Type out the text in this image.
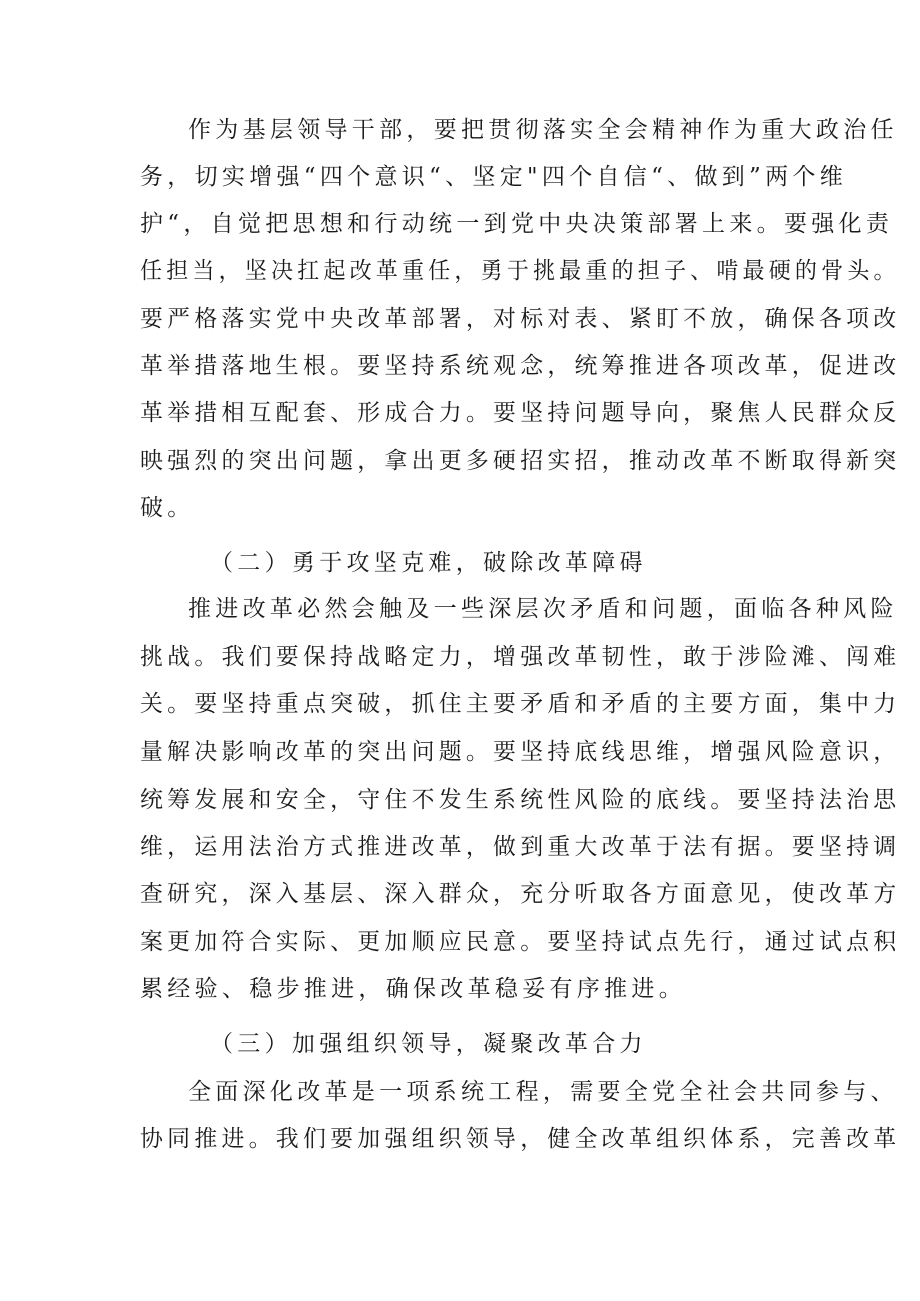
作为基层领导干部，要把贯彻落实全会精神作为重大政治任

务，切实增强“四个意识“、坚定"四个自信“、做到”两个维

护“，自觉把思想和行动统一到党中央决策部署上来。要强化责

任担当，坚决扛起改革重任，勇于挑最重的担子、啃最硬的骨头。

要严格落实党中央改革部署，对标对表、紧盯不放，确保各项改

革举措落地生根。要坚持系统观念，统筹推进各项改革，促进改

革举措相互配套、形成合力。要坚持问题导向，聚焦人民群众反

映强烈的突出问题，拿出更多硬招实招，推动改革不断取得新突

破。

（二）勇于攻坚克难，破除改革障碍

推进改革必然会触及一些深层次矛盾和问题，面临各种风险

挑战。我们要保持战略定力，增强改革韧性，敢于涉险滩、闯难

关。要坚持重点突破，抓住主要矛盾和矛盾的主要方面，集中力

量解决影响改革的突出问题。要坚持底线思维，增强风险意识，

统筹发展和安全，守住不发生系统性风险的底线。要坚持法治思

维，运用法治方式推进改革，做到重大改革于法有据。要坚持调

查研究，深入基层、深入群众，充分听取各方面意见，使改革方

案更加符合实际、更加顺应民意。要坚持试点先行，通过试点积

累经验、稳步推进，确保改革稳妥有序推进。

（三）加强组织领导，凝聚改革合力

全面深化改革是一项系统工程，需要全党全社会共同参与、

协同推进。我们要加强组织领导，健全改革组织体系，完善改革
